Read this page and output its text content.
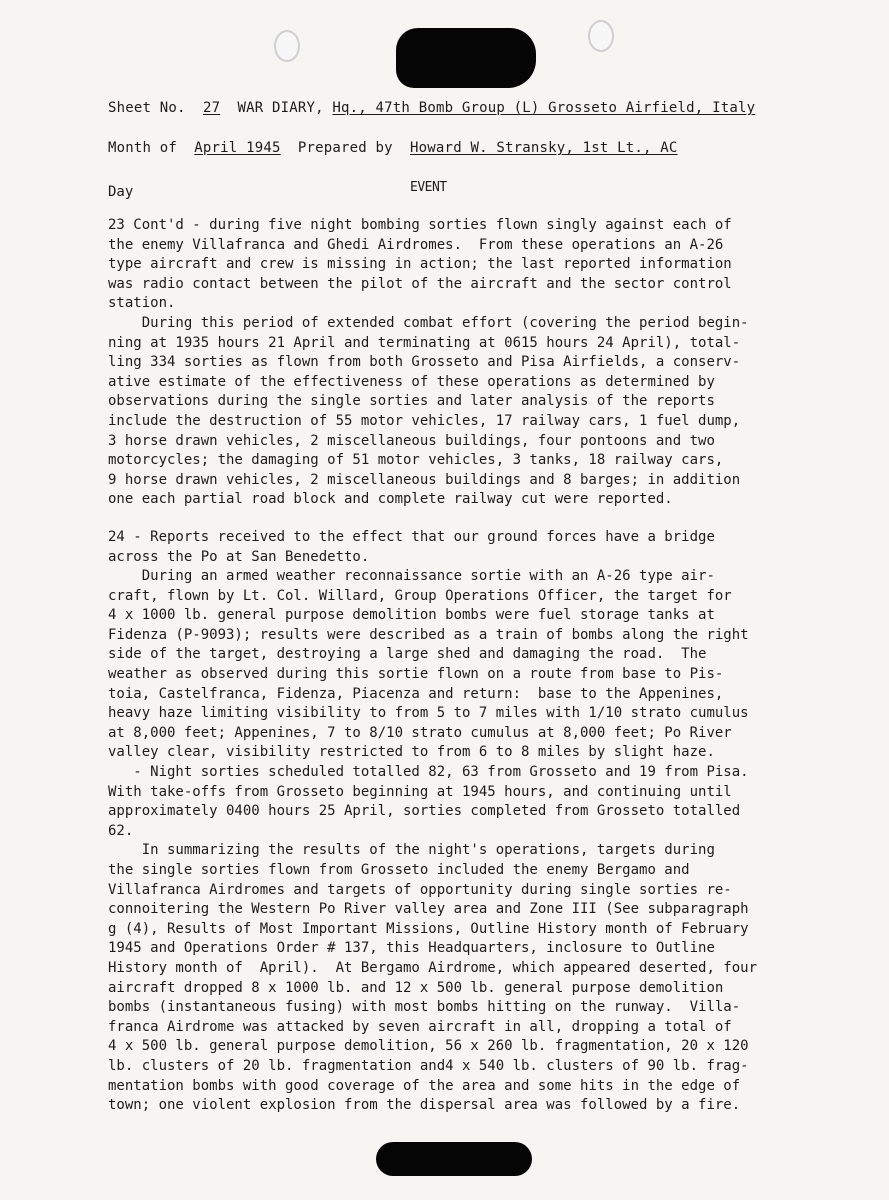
Sheet No. 27 WAR DIARY, Hq., 47th Bomb Group (L) Grosseto Airfield, Italy
Month of April 1945 Prepared by Howard W. Stransky, 1st Lt., AC
Day	EVENT
23 Cont'd - during five night bombing sorties flown singly against each of
the enemy Villafranca and Ghedi Airdromes.  From these operations an A-26
type aircraft and crew is missing in action; the last reported information
was radio contact between the pilot of the aircraft and the sector control
station.
During this period of extended combat effort (covering the period begin-
ning at 1935 hours 21 April and terminating at 0615 hours 24 April), total-
ling 334 sorties as flown from both Grosseto and Pisa Airfields, a conserv-
ative estimate of the effectiveness of these operations as determined by
observations during the single sorties and later analysis of the reports
include the destruction of 55 motor vehicles, 17 railway cars, 1 fuel dump,
3 horse drawn vehicles, 2 miscellaneous buildings, four pontoons and two
motorcycles; the damaging of 51 motor vehicles, 3 tanks, 18 railway cars,
9 horse drawn vehicles, 2 miscellaneous buildings and 8 barges; in addition
one each partial road block and complete railway cut were reported.
24 - Reports received to the effect that our ground forces have a bridge
across the Po at San Benedetto.
During an armed weather reconnaissance sortie with an A-26 type air-
craft, flown by Lt. Col. Willard, Group Operations Officer, the target for
4 x 1000 lb. general purpose demolition bombs were fuel storage tanks at
Fidenza (P-9093); results were described as a train of bombs along the right
side of the target, destroying a large shed and damaging the road.  The
weather as observed during this sortie flown on a route from base to Pis-
toia, Castelfranca, Fidenza, Piacenza and return:  base to the Appenines,
heavy haze limiting visibility to from 5 to 7 miles with 1/10 strato cumulus
at 8,000 feet; Appenines, 7 to 8/10 strato cumulus at 8,000 feet; Po River
valley clear, visibility restricted to from 6 to 8 miles by slight haze.
- Night sorties scheduled totalled 82, 63 from Grosseto and 19 from Pisa.
With take-offs from Grosseto beginning at 1945 hours, and continuing until
approximately 0400 hours 25 April, sorties completed from Grosseto totalled
62.
In summarizing the results of the night's operations, targets during
the single sorties flown from Grosseto included the enemy Bergamo and
Villafranca Airdromes and targets of opportunity during single sorties re-
connoitering the Western Po River valley area and Zone III (See subparagraph
g (4), Results of Most Important Missions, Outline History month of February
1945 and Operations Order # 137, this Headquarters, inclosure to Outline
History month of  April).  At Bergamo Airdrome, which appeared deserted, four
aircraft dropped 8 x 1000 lb. and 12 x 500 lb. general purpose demolition
bombs (instantaneous fusing) with most bombs hitting on the runway.  Villa-
franca Airdrome was attacked by seven aircraft in all, dropping a total of
4 x 500 lb. general purpose demolition, 56 x 260 lb. fragmentation, 20 x 120
lb. clusters of 20 lb. fragmentation and4 x 540 lb. clusters of 90 lb. frag-
mentation bombs with good coverage of the area and some hits in the edge of
town; one violent explosion from the dispersal area was followed by a fire.
